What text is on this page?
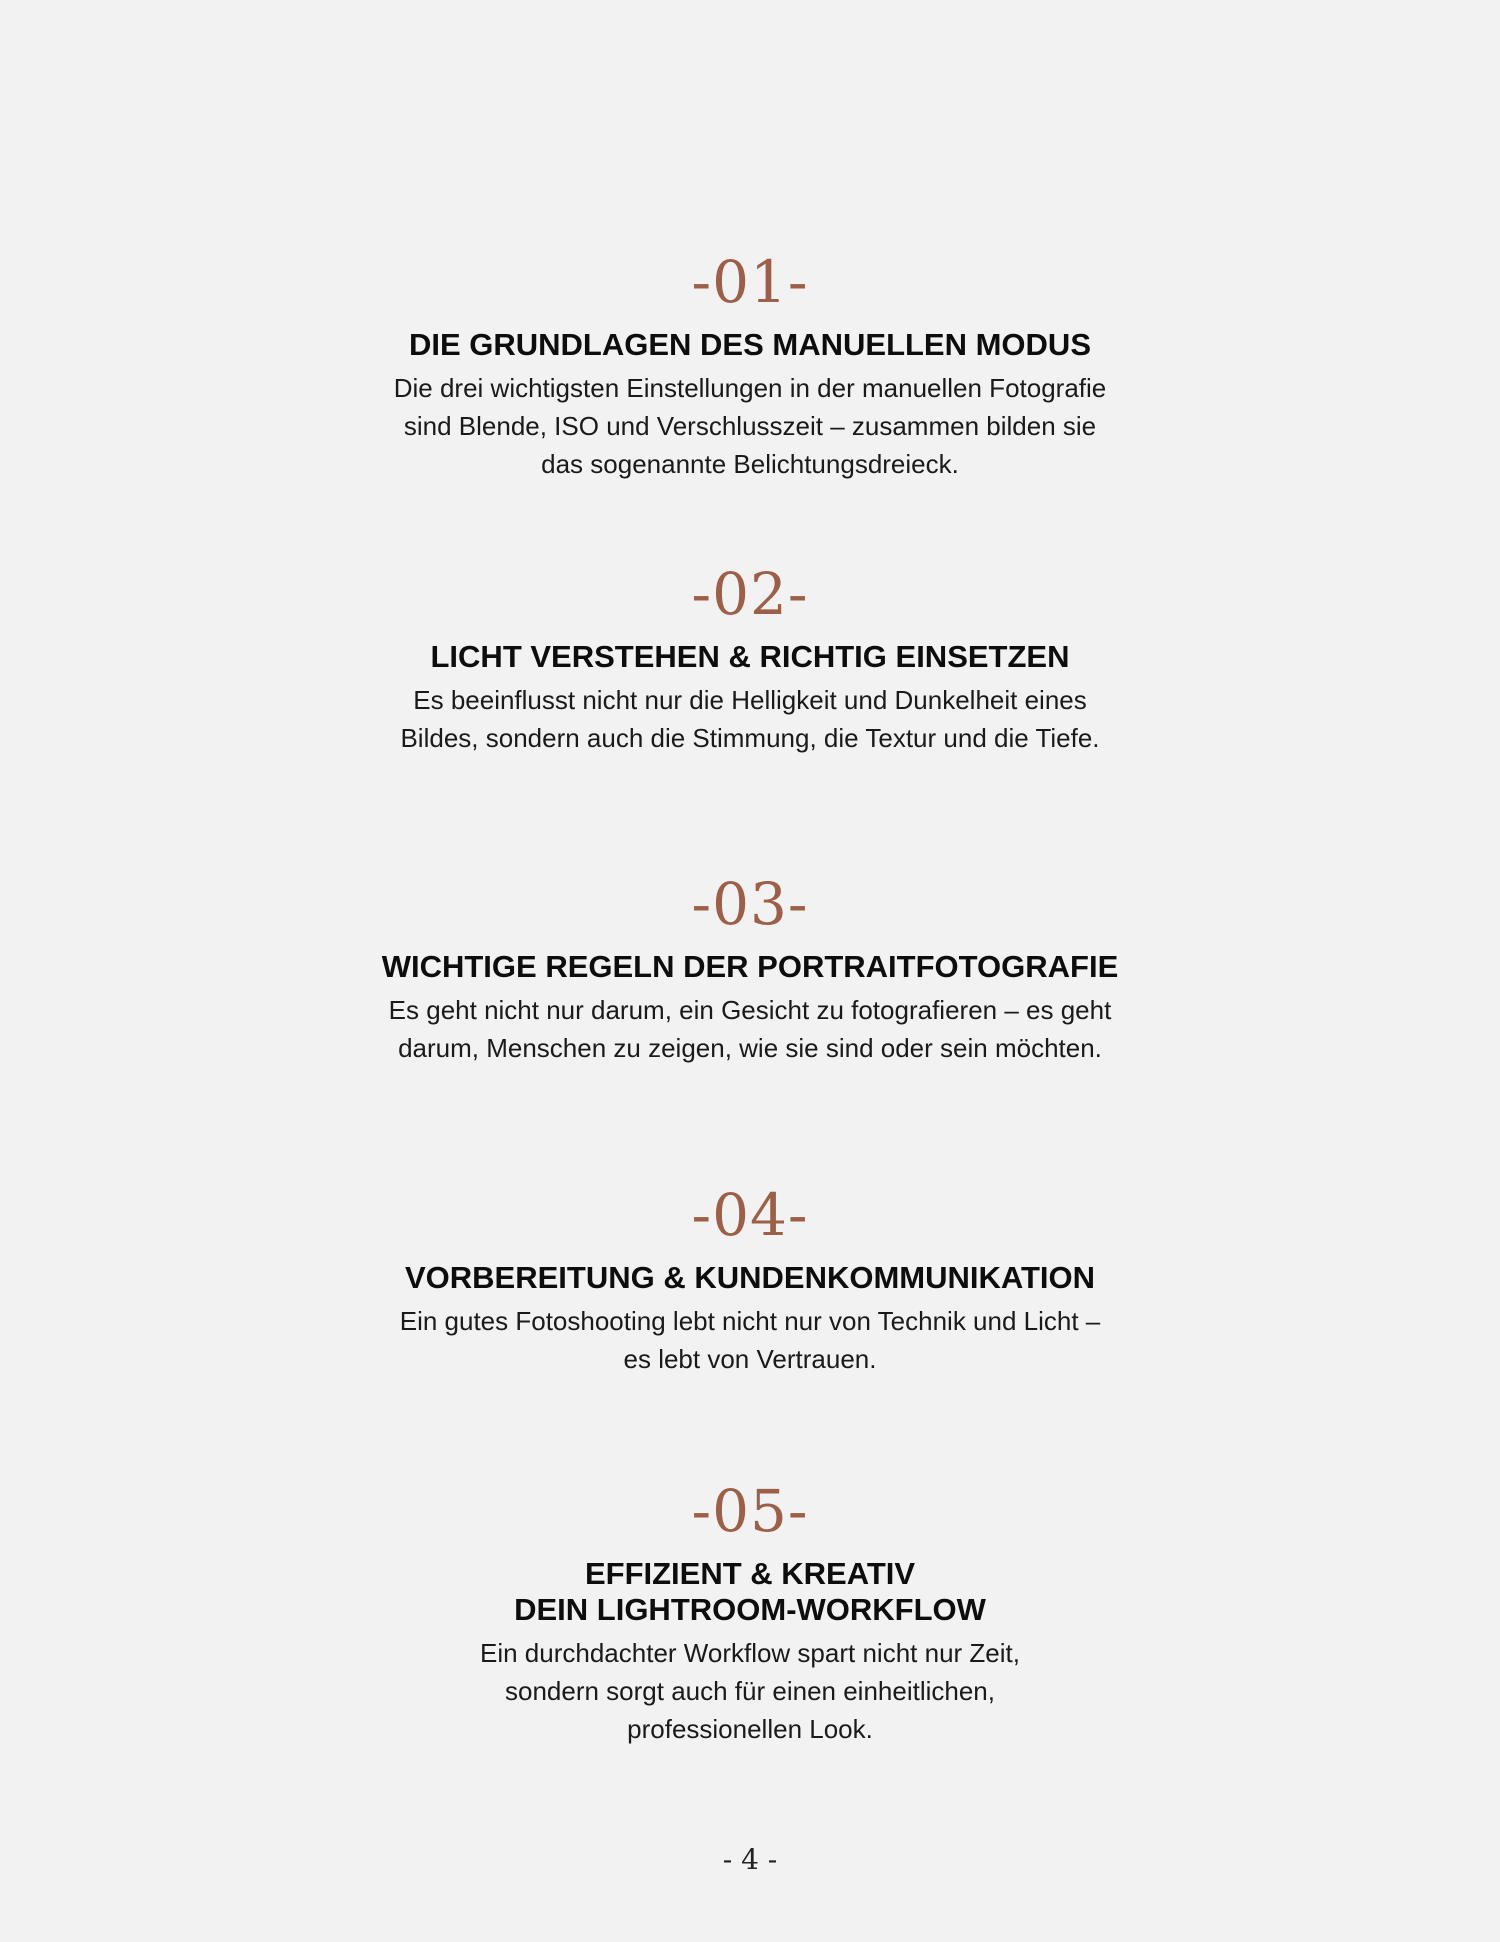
-01-
DIE GRUNDLAGEN DES MANUELLEN MODUS
Die drei wichtigsten Einstellungen in der manuellen Fotografie
sind Blende, ISO und Verschlusszeit – zusammen bilden sie
das sogenannte Belichtungsdreieck.
-02-
LICHT VERSTEHEN & RICHTIG EINSETZEN
Es beeinflusst nicht nur die Helligkeit und Dunkelheit eines
Bildes, sondern auch die Stimmung, die Textur und die Tiefe.
-03-
WICHTIGE REGELN DER PORTRAITFOTOGRAFIE
Es geht nicht nur darum, ein Gesicht zu fotografieren – es geht
darum, Menschen zu zeigen, wie sie sind oder sein möchten.
-04-
VORBEREITUNG & KUNDENKOMMUNIKATION
Ein gutes Fotoshooting lebt nicht nur von Technik und Licht –
es lebt von Vertrauen.
-05-
EFFIZIENT & KREATIV
DEIN LIGHTROOM-WORKFLOW
Ein durchdachter Workflow spart nicht nur Zeit,
sondern sorgt auch für einen einheitlichen,
professionellen Look.
- 4 -
